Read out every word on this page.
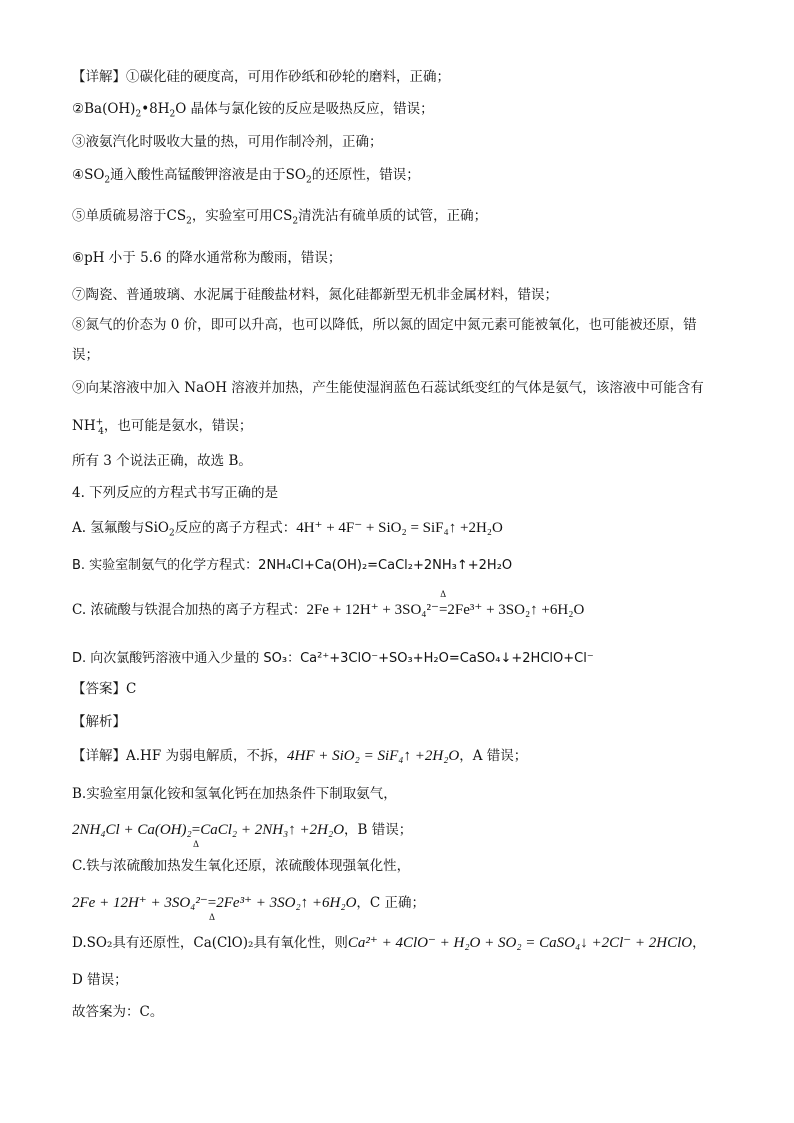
【详解】①碳化硅的硬度高，可用作砂纸和砂轮的磨料，正确；
$②Ba(OH)_2•8H_2O$ 晶体与氯化铵的反应是吸热反应，错误；
③液氨汽化时吸收大量的热，可用作制冷剂，正确；
$④SO_2$通入酸性高锰酸钾溶液是由于$SO_2$的还原性，错误；
⑤单质硫易溶于$CS_2$，实验室可用$CS_2$清洗沾有硫单质的试管，正确；
⑥pH 小于 5.6 的降水通常称为酸雨，错误；
⑦陶瓷、普通玻璃、水泥属于硅酸盐材料，氮化硅都新型无机非金属材料，错误；
⑧氮气的价态为 0 价，即可以升高，也可以降低，所以氮的固定中氮元素可能被氧化，也可能被还原，错
误；
⑨向某溶液中加入 NaOH 溶液并加热，产生能使湿润蓝色石蕊试纸变红的气体是氨气，该溶液中可能含有
$NH^+_4$，也可能是氨水，错误；
所有 3 个说法正确，故选 B。
4. 下列反应的方程式书写正确的是
A. 氢氟酸与SiO$_2$反应的离子方程式：4H⁺ + 4F⁻ + SiO₂ = SiF₄↑ +2H₂O
B. 实验室制氨气的化学方程式：2NH₄Cl+Ca(OH)₂=CaCl₂+2NH₃↑+2H₂O
C. 浓硫酸与铁混合加热的离子方程式：2Fe + 12H⁺ + 3SO₄²⁻
Δ
=2Fe³⁺ + 3SO₂↑ +6H₂O
D. 向次氯酸钙溶液中通入少量的 SO₃：Ca²⁺+3ClO⁻+SO₃+H₂O=CaSO₄↓+2HClO+Cl⁻
【答案】C
【解析】
【详解】A.HF 为弱电解质，不拆，4HF + SiO₂ = SiF₄↑ +2H₂O，A 错误；
B.实验室用氯化铵和氢氧化钙在加热条件下制取氨气，
2NH₄Cl + Ca(OH)₂=
Δ
CaCl₂ + 2NH₃↑ +2H₂O，B 错误；
C.铁与浓硫酸加热发生氧化还原，浓硫酸体现强氧化性，
2Fe + 12H⁺ + 3SO₄²⁻=
Δ
2Fe³⁺ + 3SO₂↑ +6H₂O，C 正确；
D.SO₂具有还原性，Ca(ClO)₂具有氧化性，则Ca²⁺ + 4ClO⁻ + H₂O + SO₂ = CaSO₄↓ +2Cl⁻ + 2HClO，
D 错误；
故答案为：C。
